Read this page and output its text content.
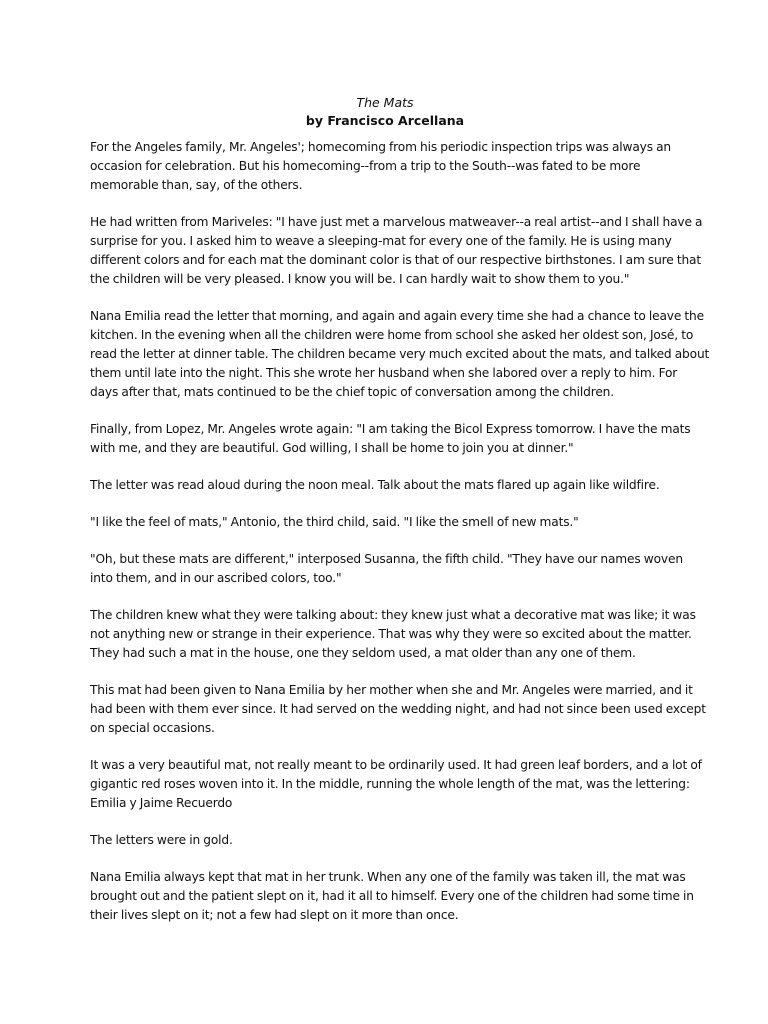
The Mats

by Francisco Arcellana

For the Angeles family, Mr. Angeles'; homecoming from his periodic inspection trips was always an
occasion for celebration. But his homecoming--from a trip to the South--was fated to be more
memorable than, say, of the others.

He had written from Mariveles: "I have just met a marvelous matweaver--a real artist--and I shall have a
surprise for you. I asked him to weave a sleeping-mat for every one of the family. He is using many
different colors and for each mat the dominant color is that of our respective birthstones. I am sure that
the children will be very pleased. I know you will be. I can hardly wait to show them to you."

Nana Emilia read the letter that morning, and again and again every time she had a chance to leave the
kitchen. In the evening when all the children were home from school she asked her oldest son, José, to
read the letter at dinner table. The children became very much excited about the mats, and talked about
them until late into the night. This she wrote her husband when she labored over a reply to him. For
days after that, mats continued to be the chief topic of conversation among the children.

Finally, from Lopez, Mr. Angeles wrote again: "I am taking the Bicol Express tomorrow. I have the mats
with me, and they are beautiful. God willing, I shall be home to join you at dinner."

The letter was read aloud during the noon meal. Talk about the mats flared up again like wildfire.

"I like the feel of mats," Antonio, the third child, said. "I like the smell of new mats."

"Oh, but these mats are different," interposed Susanna, the fifth child. "They have our names woven
into them, and in our ascribed colors, too."

The children knew what they were talking about: they knew just what a decorative mat was like; it was
not anything new or strange in their experience. That was why they were so excited about the matter.
They had such a mat in the house, one they seldom used, a mat older than any one of them.

This mat had been given to Nana Emilia by her mother when she and Mr. Angeles were married, and it
had been with them ever since. It had served on the wedding night, and had not since been used except
on special occasions.

It was a very beautiful mat, not really meant to be ordinarily used. It had green leaf borders, and a lot of
gigantic red roses woven into it. In the middle, running the whole length of the mat, was the lettering:
Emilia y Jaime Recuerdo

The letters were in gold.

Nana Emilia always kept that mat in her trunk. When any one of the family was taken ill, the mat was
brought out and the patient slept on it, had it all to himself. Every one of the children had some time in
their lives slept on it; not a few had slept on it more than once.
